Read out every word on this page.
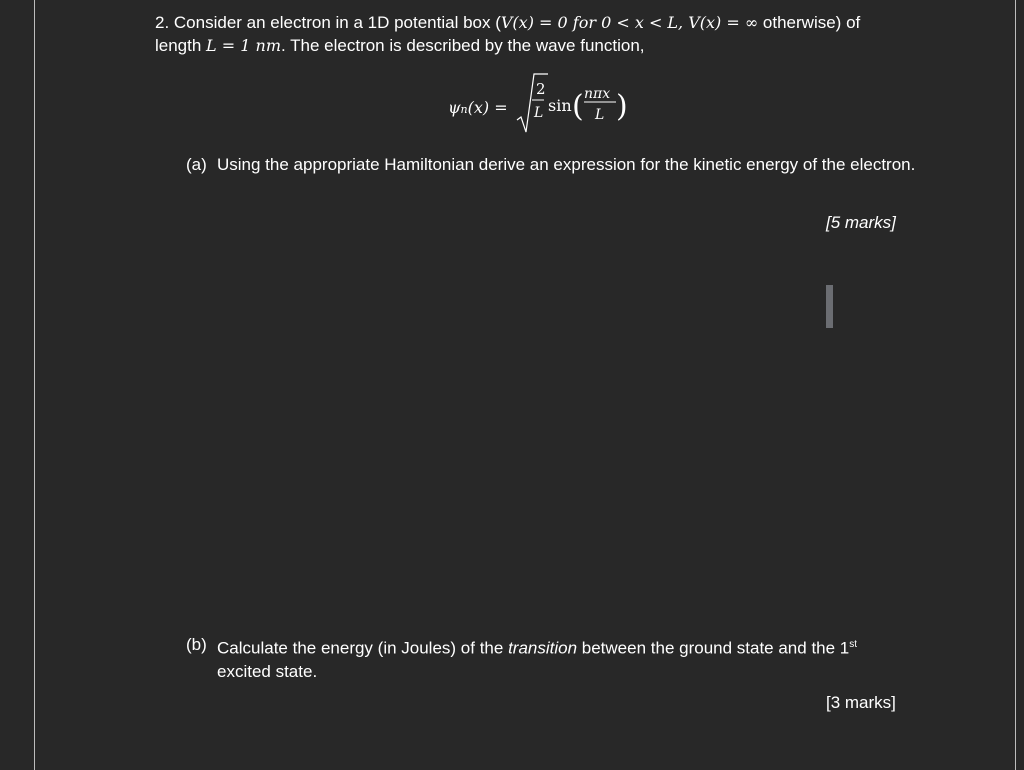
2. Consider an electron in a 1D potential box (V(x) = 0 for 0 < x < L, V(x) = ∞ otherwise) of
length L = 1 nm. The electron is described by the wave function,
ψn(x) =
2
L sin ( nπx
L )
(a) Using the appropriate Hamiltonian derive an expression for the kinetic energy of the electron.
[5 marks]
(b) Calculate the energy (in Joules) of the transition between the ground state and the 1st
excited state.
[3 marks]
